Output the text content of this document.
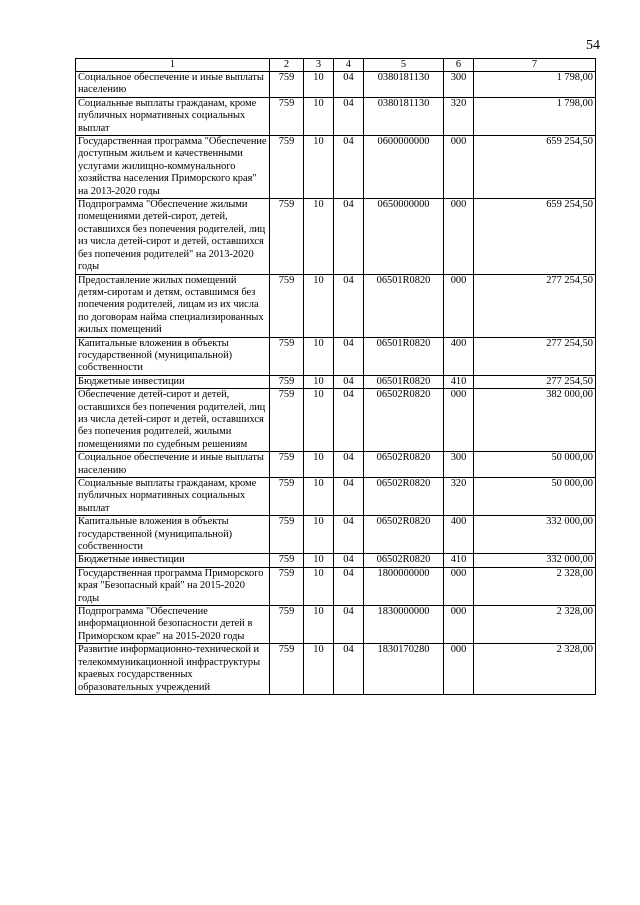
54
1	2	3	4	5	6	7
Социальное обеспечение и иные выплаты населению	759	10	04	0380181130	300	1 798,00
Социальные выплаты гражданам, кроме публичных нормативных социальных выплат	759	10	04	0380181130	320	1 798,00
Государственная программа "Обеспечение доступным жильем и качественными услугами жилищно-коммунального хозяйства населения Приморского края" на 2013-2020 годы	759	10	04	0600000000	000	659 254,50
Подпрограмма "Обеспечение жилыми помещениями детей-сирот, детей, оставшихся без попечения родителей, лиц из числа детей-сирот и детей, оставшихся без попечения родителей" на 2013-2020 годы	759	10	04	0650000000	000	659 254,50
Предоставление жилых помещений детям-сиротам и детям, оставшимся без попечения родителей, лицам из их числа по договорам найма специализированных жилых помещений	759	10	04	06501R0820	000	277 254,50
Капитальные вложения в объекты государственной (муниципальной) собственности	759	10	04	06501R0820	400	277 254,50
Бюджетные инвестиции	759	10	04	06501R0820	410	277 254,50
Обеспечение детей-сирот и детей, оставшихся без попечения родителей, лиц из числа детей-сирот и детей, оставшихся без попечения родителей, жилыми помещениями по судебным решениям	759	10	04	06502R0820	000	382 000,00
Социальное обеспечение и иные выплаты населению	759	10	04	06502R0820	300	50 000,00
Социальные выплаты гражданам, кроме публичных нормативных социальных выплат	759	10	04	06502R0820	320	50 000,00
Капитальные вложения в объекты государственной (муниципальной) собственности	759	10	04	06502R0820	400	332 000,00
Бюджетные инвестиции	759	10	04	06502R0820	410	332 000,00
Государственная программа Приморского края "Безопасный край" на 2015-2020 годы	759	10	04	1800000000	000	2 328,00
Подпрограмма "Обеспечение информационной безопасности детей в Приморском крае" на 2015-2020 годы	759	10	04	1830000000	000	2 328,00
Развитие информационно-технической и телекоммуникационной инфраструктуры краевых государственных образовательных учреждений	759	10	04	1830170280	000	2 328,00
